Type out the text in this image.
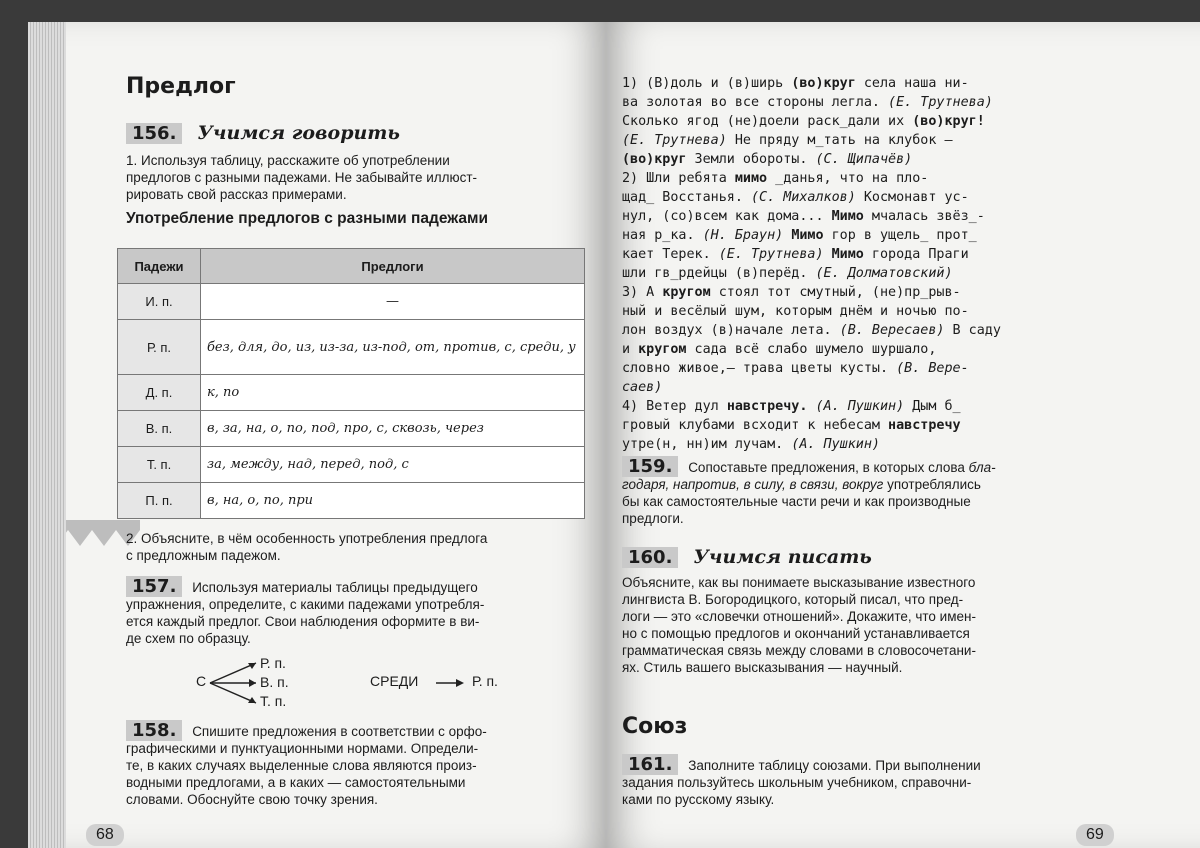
Предлог
156. Учимся говорить
1. Используя таблицу, расскажите об употреблении
предлогов с разными падежами. Не забывайте иллюст-
рировать свой рассказ примерами.
Употребление предлогов с разными падежами
Падежи	Предлоги
И. п.	—
Р. п.	без, для, до, из, из-за, из-под, от, против, с, среди, у
Д. п.	к, по
В. п.	в, за, на, о, по, под, про, с, сквозь, через
Т. п.	за, между, над, перед, под, с
П. п.	в, на, о, по, при
2. Объясните, в чём особенность употребления предлога
с предложным падежом.
157. Используя материалы таблицы предыдущего
упражнения, определите, с какими падежами употребля-
ется каждый предлог. Свои наблюдения оформите в ви-
де схем по образцу.
С
Р. п.
В. п.
Т. п.
СРЕДИ	Р. п.
158. Спишите предложения в соответствии с орфо-
графическими и пунктуационными нормами. Определи-
те, в каких случаях выделенные слова являются произ-
водными предлогами, а в каких — самостоятельными
словами. Обоснуйте свою точку зрения.
68
1) (В)доль и (в)ширь (во)круг села наша ни-
ва золотая во все стороны легла. (Е. Трутнева)
Сколько ягод (не)доели раск_дали их (во)круг!
(Е. Трутнева) Не пряду м_тать на клубок —
(во)круг Земли обороты. (С. Щипачёв)
2) Шли ребята мимо _данья, что на пло-
щад_ Восстанья. (С. Михалков) Космонавт ус-
нул, (со)всем как дома... Мимо мчалась звёз_-
ная р_ка. (Н. Браун) Мимо гор в ущель_ прот_
кает Терек. (Е. Трутнева) Мимо города Праги
шли гв_рдейцы (в)перёд. (Е. Долматовский)
3) А кругом стоял тот смутный, (не)пр_рыв-
ный и весёлый шум, которым днём и ночью по-
лон воздух (в)начале лета. (В. Вересаев) В саду
и кругом сада всё слабо шумело шуршало,
словно живое,— трава цветы кусты. (В. Вере-
саев)
4) Ветер дул навстречу. (А. Пушкин) Дым б_
гровый клубами всходит к небесам навстречу
утре(н, нн)им лучам. (А. Пушкин)
159. Сопоставьте предложения, в которых слова бла-
годаря, напротив, в силу, в связи, вокруг употреблялись
бы как самостоятельные части речи и как производные
предлоги.
160. Учимся писать
Объясните, как вы понимаете высказывание известного
лингвиста В. Богородицкого, который писал, что пред-
логи — это «словечки отношений». Докажите, что имен-
но с помощью предлогов и окончаний устанавливается
грамматическая связь между словами в словосочетани-
ях. Стиль вашего высказывания — научный.
Союз
161. Заполните таблицу союзами. При выполнении
задания пользуйтесь школьным учебником, справочни-
ками по русскому языку.
69
